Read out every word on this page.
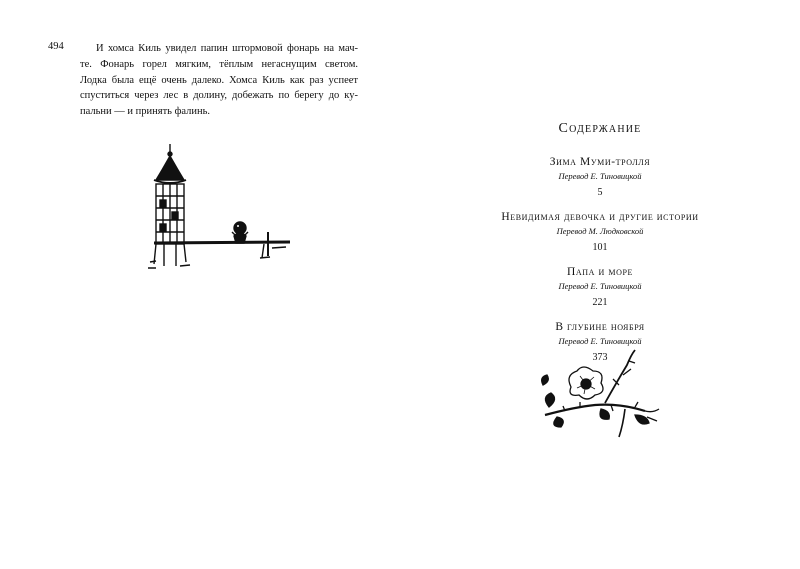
494	И хомса Киль увидел папин штормовой фонарь на мач-
те. Фонарь горел мягким, тёплым негаснущим светом.
Лодка была ещё очень далеко. Хомса Киль как раз успеет
спуститься через лес в долину, добежать по берегу до ку-
пальни — и принять фалинь.
Содержание
Зима Муми-тролля
Перевод Е. Тиновицкой
5
Невидимая девочка и другие истории
Перевод М. Людковской
101
Папа и море
Перевод Е. Тиновицкой
221
В глубине ноября
Перевод Е. Тиновицкой
373
